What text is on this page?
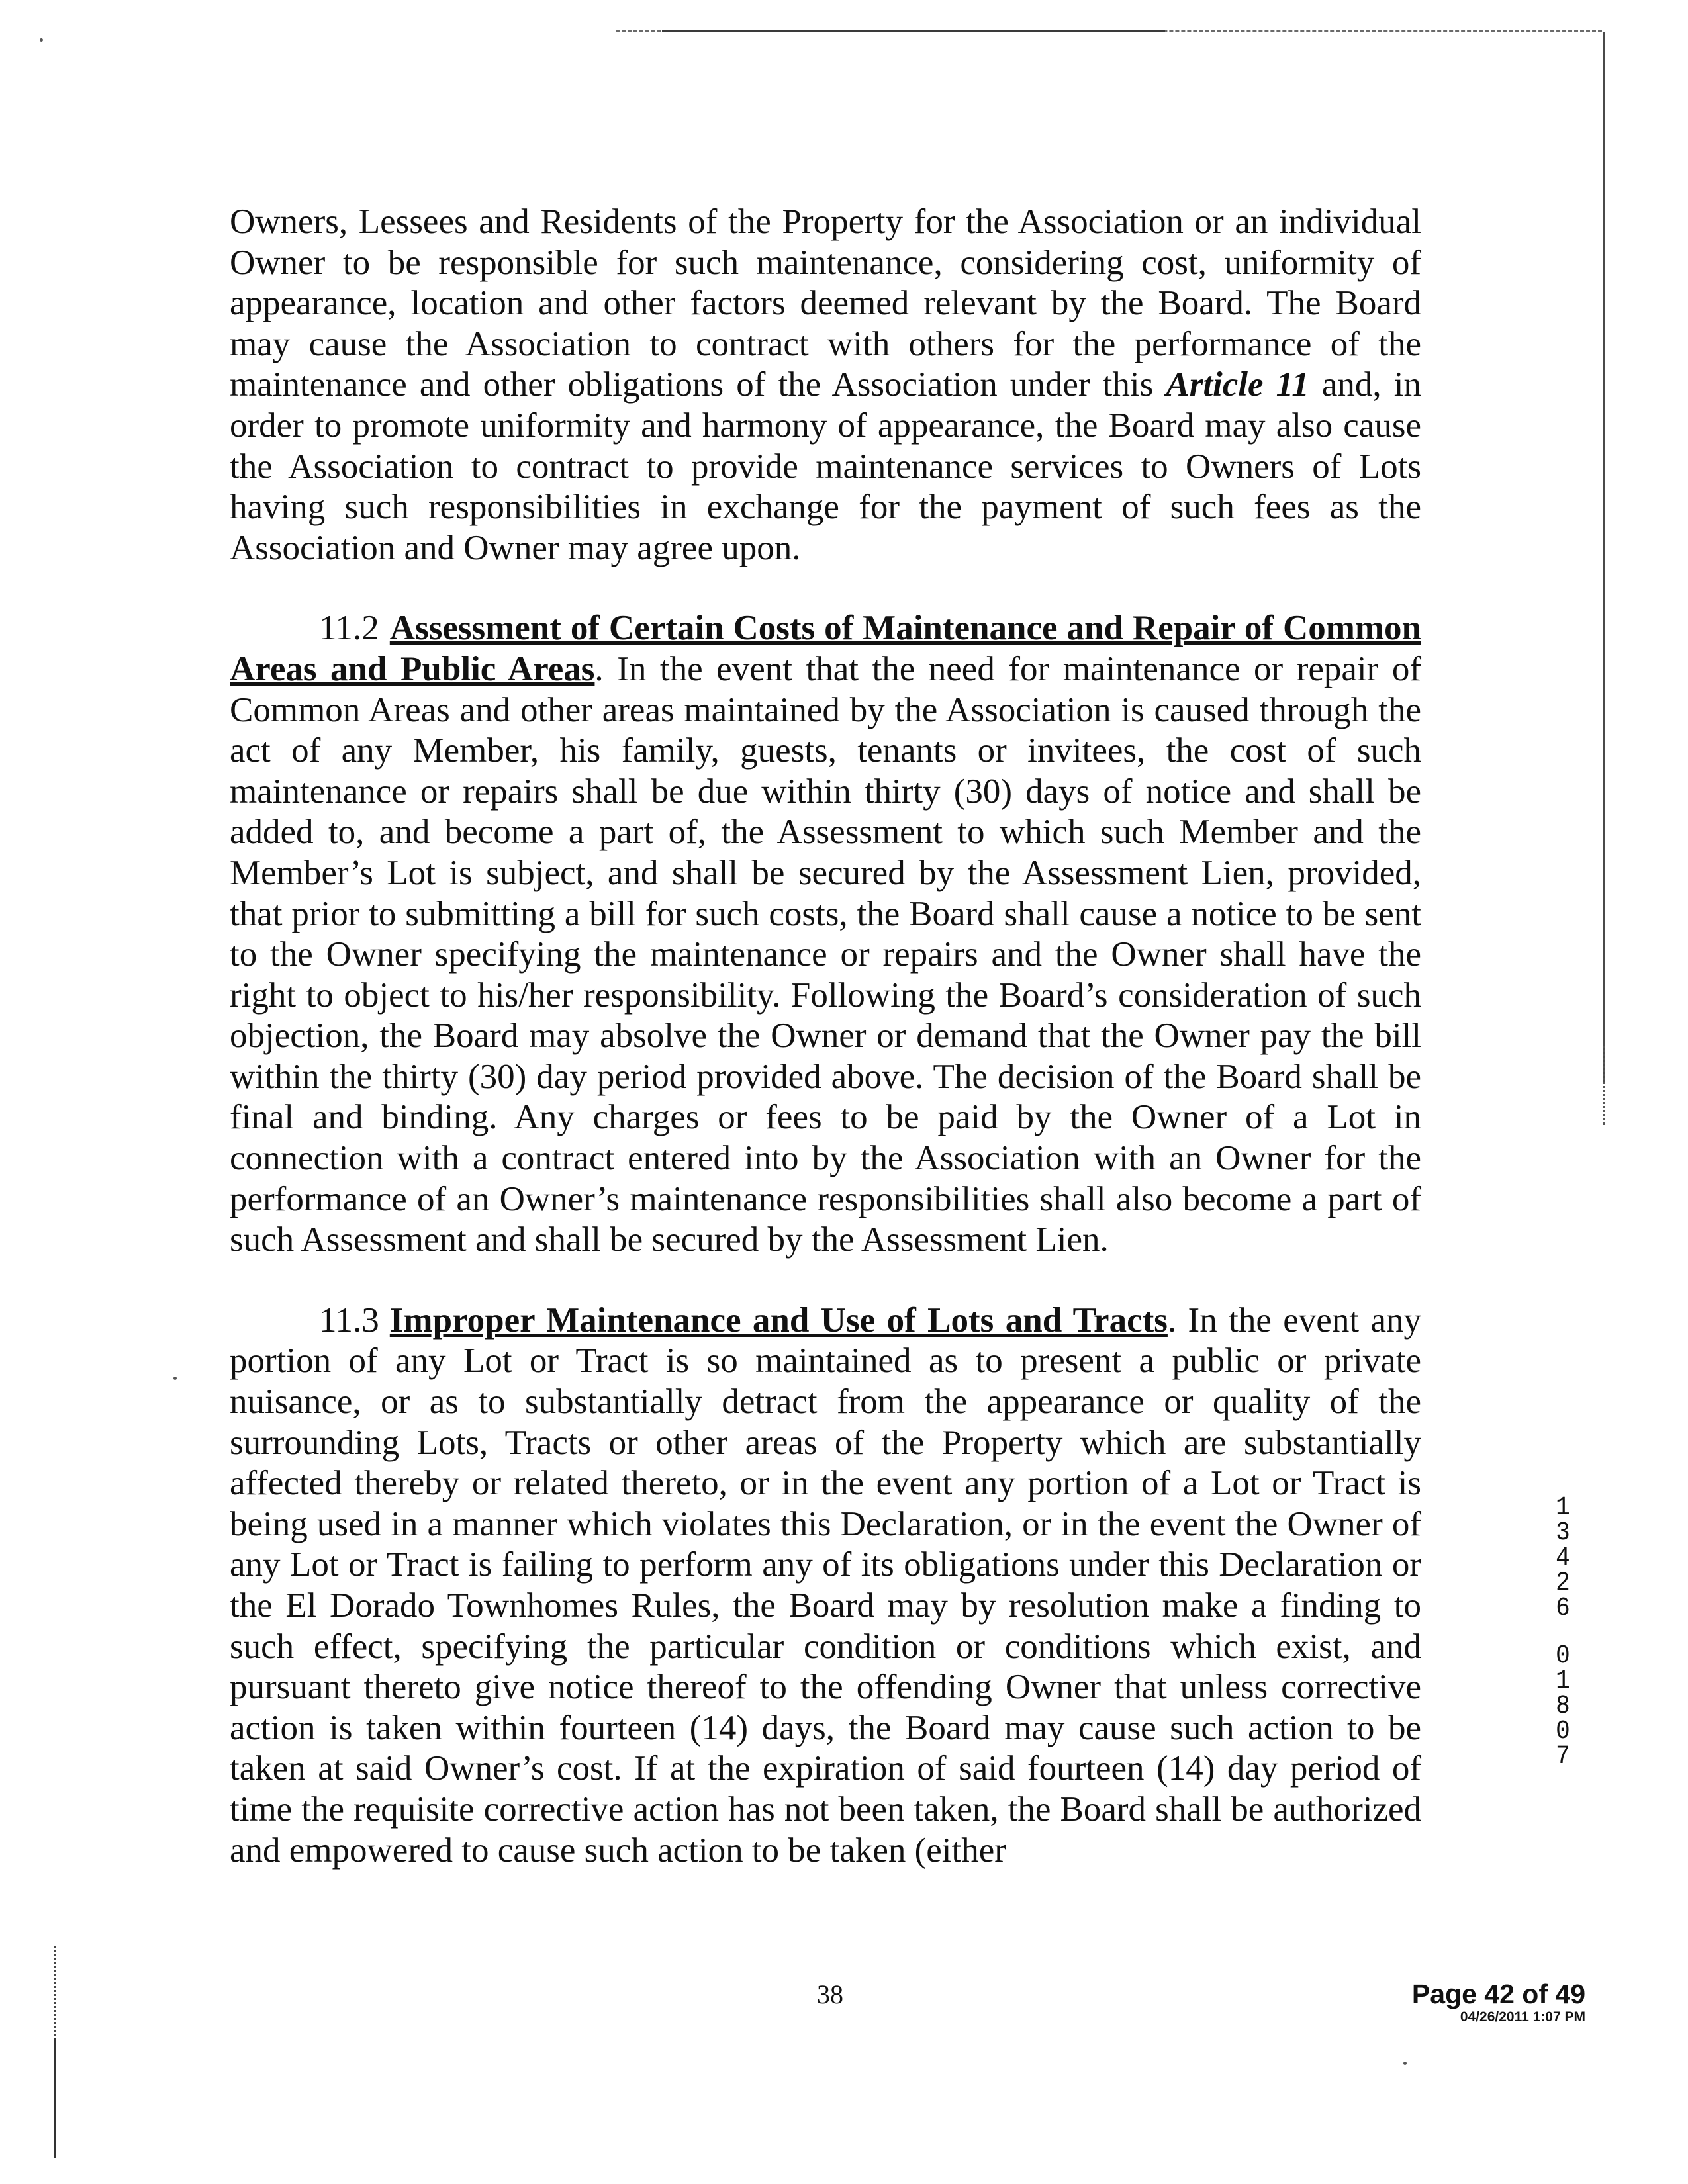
Owners, Lessees and Residents of the Property for the Association or an individual Owner to be responsible for such maintenance, considering cost, uniformity of appearance, location and other factors deemed relevant by the Board. The Board may cause the Association to contract with others for the performance of the maintenance and other obligations of the Association under this Article 11 and, in order to promote uniformity and harmony of appearance, the Board may also cause the Association to contract to provide maintenance services to Owners of Lots having such responsibilities in exchange for the payment of such fees as the Association and Owner may agree upon.

11.2 Assessment of Certain Costs of Maintenance and Repair of Common Areas and Public Areas. In the event that the need for maintenance or repair of Common Areas and other areas maintained by the Association is caused through the act of any Member, his family, guests, tenants or invitees, the cost of such maintenance or repairs shall be due within thirty (30) days of notice and shall be added to, and become a part of, the Assessment to which such Member and the Member’s Lot is subject, and shall be secured by the Assessment Lien, provided, that prior to submitting a bill for such costs, the Board shall cause a notice to be sent to the Owner specifying the maintenance or repairs and the Owner shall have the right to object to his/her responsibility. Following the Board’s consideration of such objection, the Board may absolve the Owner or demand that the Owner pay the bill within the thirty (30) day period provided above. The decision of the Board shall be final and binding. Any charges or fees to be paid by the Owner of a Lot in connection with a contract entered into by the Association with an Owner for the performance of an Owner’s maintenance responsibilities shall also become a part of such Assessment and shall be secured by the Assessment Lien.

11.3 Improper Maintenance and Use of Lots and Tracts. In the event any portion of any Lot or Tract is so maintained as to present a public or private nuisance, or as to substantially detract from the appearance or quality of the surrounding Lots, Tracts or other areas of the Property which are substantially affected thereby or related thereto, or in the event any portion of a Lot or Tract is being used in a manner which violates this Declaration, or in the event the Owner of any Lot or Tract is failing to perform any of its obligations under this Declaration or the El Dorado Townhomes Rules, the Board may by resolution make a finding to such effect, specifying the particular condition or conditions which exist, and pursuant thereto give notice thereof to the offending Owner that unless corrective action is taken within fourteen (14) days, the Board may cause such action to be taken at said Owner’s cost. If at the expiration of said fourteen (14) day period of time the requisite corrective action has not been taken, the Board shall be authorized and empowered to cause such action to be taken (either

38	Page 42 of 49
04/26/2011 1:07 PM
1
3
4
2
6
0
1
8
0
7
